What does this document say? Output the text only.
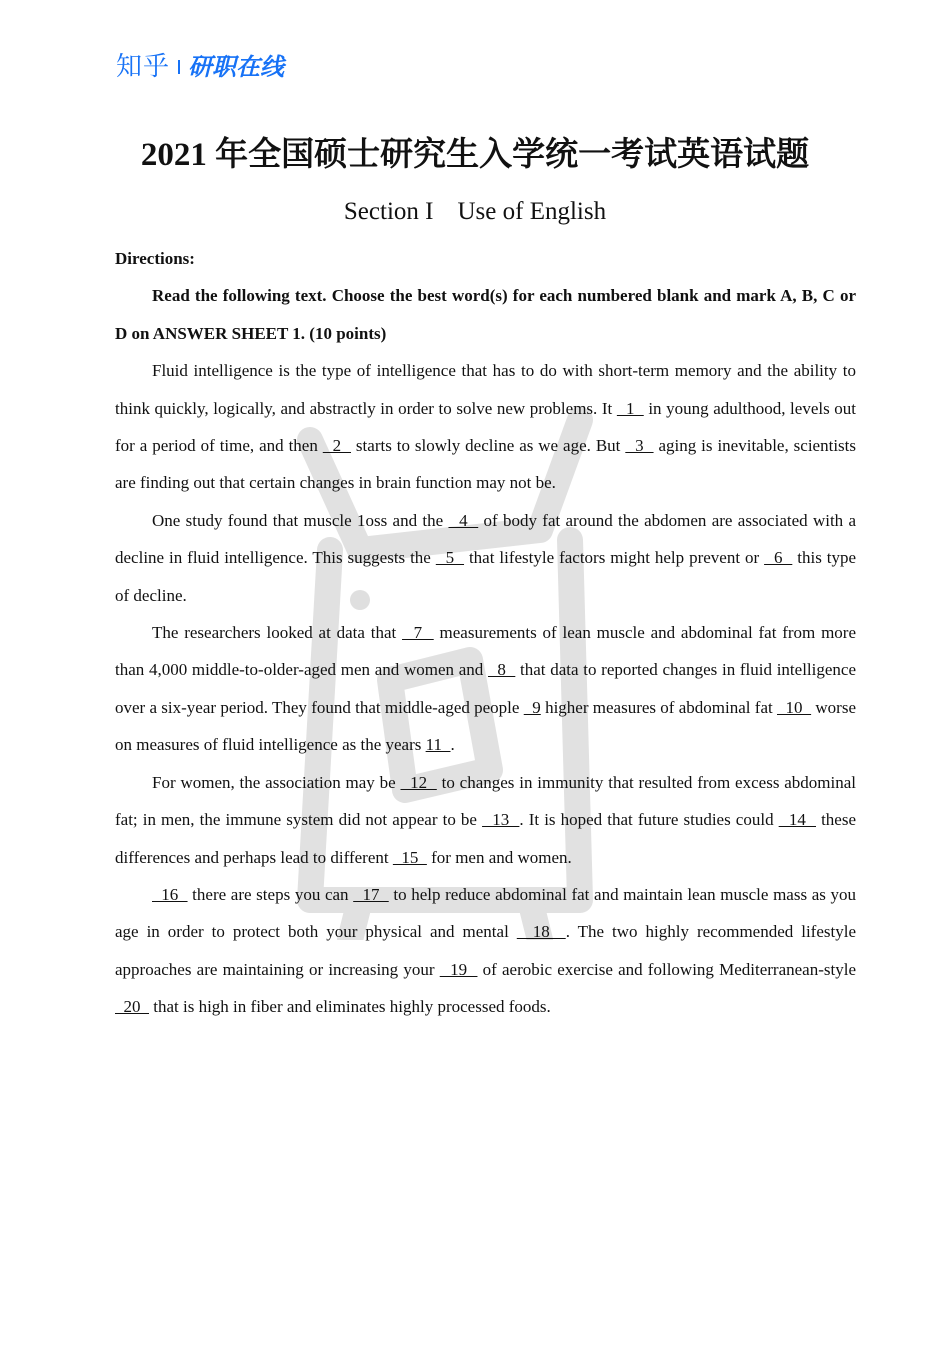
知乎 研职在线
2021 年全国硕士研究生入学统一考试英语试题
Section I Use of English

Directions:

Read the following text. Choose the best word(s) for each numbered blank and mark A, B, C or D on ANSWER SHEET 1. (10 points)

Fluid intelligence is the type of intelligence that has to do with short-term memory and the ability to think quickly, logically, and abstractly in order to solve new problems. It   1   in young adulthood, levels out for a period of time, and then   2   starts to slowly decline as we age. But   3   aging is inevitable, scientists are finding out that certain changes in brain function may not be.

One study found that muscle 1oss and the   4   of body fat around the abdomen are associated with a decline in fluid intelligence. This suggests the   5   that lifestyle factors might help prevent or   6   this type of decline.

The researchers looked at data that   7   measurements of lean muscle and abdominal fat from more than 4,000 middle-to-older-aged men and women and   8   that data to reported changes in fluid intelligence over a six-year period. They found that middle-aged people   9 higher measures of abdominal fat   10   worse on measures of fluid intelligence as the years 11  .

For women, the association may be   12   to changes in immunity that resulted from excess abdominal fat; in men, the immune system did not appear to be   13  . It is hoped that future studies could   14   these differences and perhaps lead to different   15   for men and women.

16   there are steps you can   17   to help reduce abdominal fat and maintain lean muscle mass as you age in order to protect both your physical and mental   18  . The two highly recommended lifestyle approaches are maintaining or increasing your   19   of aerobic exercise and following Mediterranean-style   20   that is high in fiber and eliminates highly processed foods.
